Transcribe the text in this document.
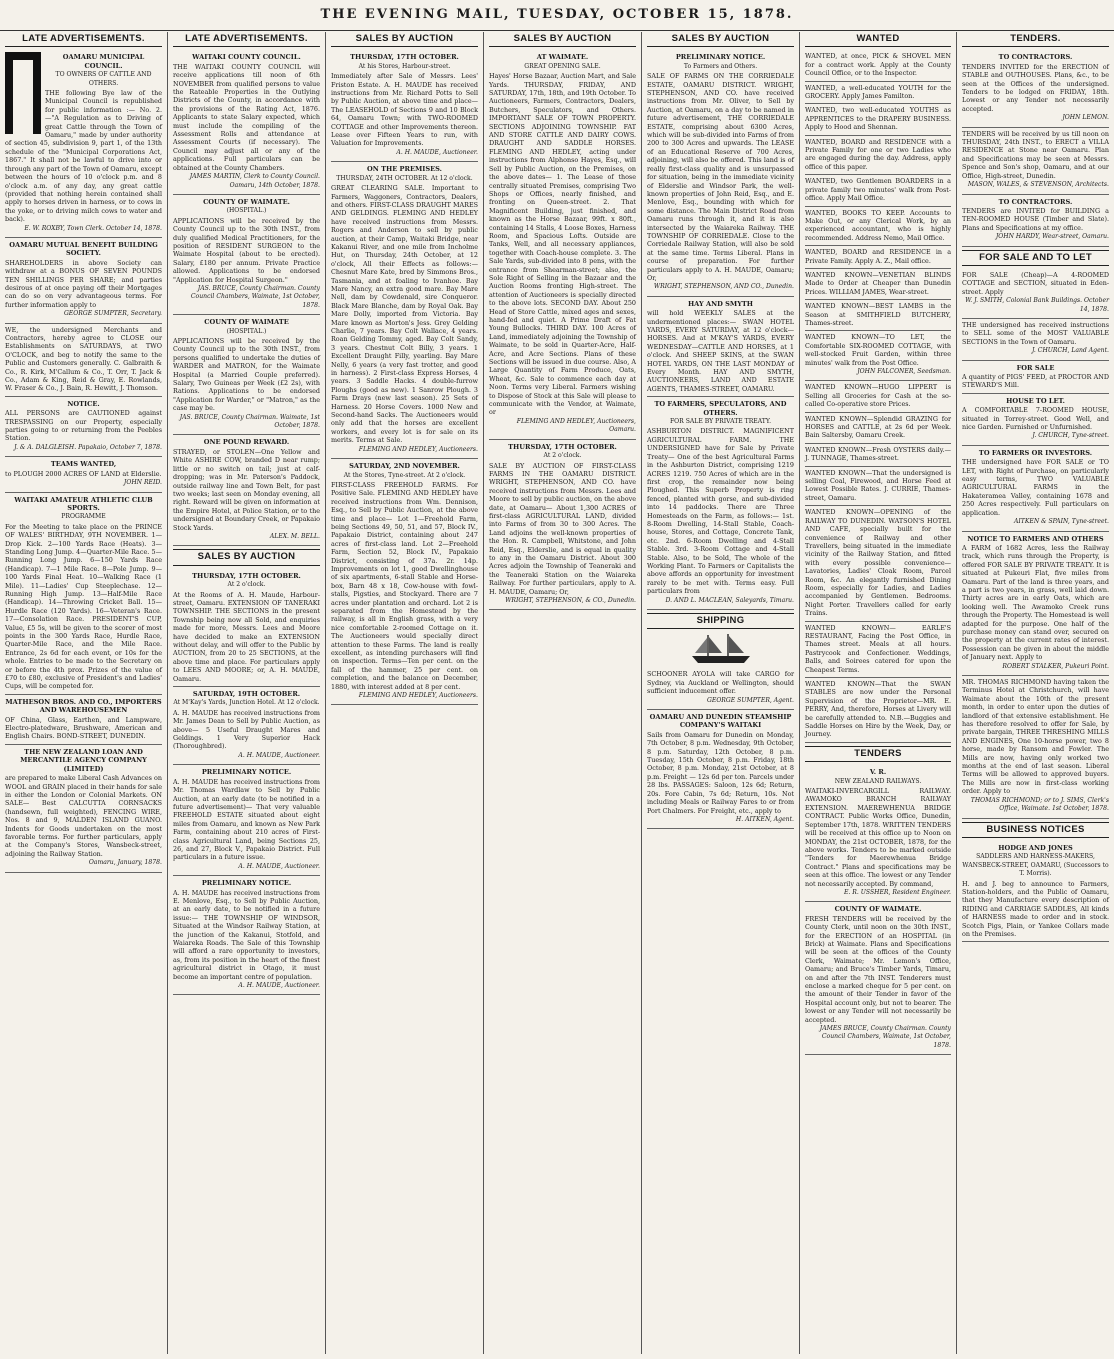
THE EVENING MAIL, TUESDAY, OCTOBER 15, 1878.
LATE ADVERTISEMENTS.
OAMARU MUNICIPAL COUNCIL.
TO OWNERS OF CATTLE AND OTHERS.

THE following Bye law of the Municipal Council is republished for public information :— No. 2.—"A Regulation as to Driving of great Cattle through the Town of Oamaru," made by under authority of section 45, subdivision 9, part 1, of the 13th schedule of the "Municipal Corporations Act, 1867." It shall not be lawful to drive into or through any part of the Town of Oamaru, except between the hours of 10 o'clock p.m. and 8 o'clock a.m. of any day, any great cattle (provided that nothing herein contained shall apply to horses driven in harness, or to cows in the yoke, or to driving milch cows to water and back).

E. W. ROXBY, Town Clerk. October 14, 1878.
OAMARU MUTUAL BENEFIT BUILDING SOCIETY.

SHAREHOLDERS in above Society can withdraw at a BONUS OF SEVEN POUNDS TEN SHILLINGS PER SHARE; and parties desirous of at once paying off their Mortgages can do so on very advantageous terms. For further information apply to

GEORGE SUMPTER, Secretary.

WE, the undersigned Merchants and Contractors, hereby agree to CLOSE our Establishments on SATURDAYS, at TWO O'CLOCK, and beg to notify the same to the Public and Customers generally. C. Galbraith & Co., R. Kirk, M'Callum & Co., T. Orr, T. Jack & Co., Adam & King, Reid & Gray, E. Rowlands, W. Fraser & Co., J. Bain, R. Hewitt, J. Thomson.

NOTICE.

ALL PERSONS are CAUTIONED against TRESPASSING on our Property, especially parties going to or returning from the Peebles Station.

J. & A. DALGLEISH. Papakaio, October 7, 1878.
TEAMS WANTED,

to PLOUGH 2000 ACRES OF LAND at Elderslie.

JOHN REID.
WAITAKI AMATEUR ATHLETIC CLUB SPORTS.
PROGRAMME

For the Meeting to take place on the PRINCE OF WALES' BIRTHDAY, 9TH NOVEMBER. 1—Drop Kick. 2—100 Yards Race (Heats). 3—Standing Long Jump. 4—Quarter-Mile Race. 5—Running Long Jump. 6—150 Yards Race (Handicap). 7—1 Mile Race. 8—Pole Jump. 9—100 Yards Final Heat. 10—Walking Race (1 Mile). 11—Ladies' Cup Steeplechase. 12—Running High Jump. 13—Half-Mile Race (Handicap). 14—Throwing Cricket Ball. 15—Hurdle Race (120 Yards). 16—Veteran's Race. 17—Consolation Race. PRESIDENT'S CUP, Value, £5 5s, will be given to the scorer of most points in the 300 Yards Race, Hurdle Race, Quarter-Mile Race, and the Mile Race. Entrance, 2s 6d for each event, or 10s for the whole. Entries to be made to the Secretary on or before the 4th prox. Prizes of the value of £70 to £80, exclusive of President's and Ladies' Cups, will be competed for.

MATHESON BROS. AND CO., IMPORTERS AND WAREHOUSEMEN

OF China, Glass, Earthen, and Lampware, Electro-platedware, Brushware, American and English Chairs. BOND-STREET, DUNEDIN.

THE NEW ZEALAND LOAN AND MERCANTILE AGENCY COMPANY (LIMITED)

are prepared to make Liberal Cash Advances on WOOL and GRAIN placed in their hands for sale in either the London or Colonial Markets. ON SALE— Best CALCUTTA CORNSACKS (handsewn, full weighted), FENCING WIRE, Nos. 8 and 9, MALDEN ISLAND GUANO. Indents for Goods undertaken on the most favorable terms. For further particulars, apply at the Company's Stores, Wansbeck-street, adjoining the Railway Station.

Oamaru, January, 1878.
LATE ADVERTISEMENTS.
WAITAKI COUNTY COUNCIL.

THE WAITAKI COUNTY COUNCIL will receive applications till noon of 6th NOVEMBER from qualified persons to value the Rateable Properties in the Outlying Districts of the County, in accordance with the provisions of the Rating Act, 1876. Applicants to state Salary expected, which must include the compiling of the Assessment Rolls and attendance at Assessment Courts (if necessary). The Council may adjust all or any of the applications. Full particulars can be obtained at the County Chambers.

JAMES MARTIN, Clerk to County Council. Oamaru, 14th October, 1878.
COUNTY OF WAIMATE.
(HOSPITAL.)

APPLICATIONS will be received by the County Council up to the 30th INST., from duly qualified Medical Practitioners, for the position of RESIDENT SURGEON to the Waimate Hospital (about to be erected). Salary, £180 per annum. Private Practice allowed. Applications to be endorsed "Application for Hospital Surgeon."

JAS. BRUCE, County Chairman. County Council Chambers, Waimate, 1st October, 1878.
COUNTY OF WAIMATE
(HOSPITAL.)

APPLICATIONS will be received by the County Council up to the 30th INST., from persons qualified to undertake the duties of WARDER and MATRON, for the Waimate Hospital (a Married Couple preferred). Salary, Two Guineas per Week (£2 2s), with Rations. Applications to be endorsed "Application for Warder," or "Matron," as the case may be.

JAS. BRUCE, County Chairman. Waimate, 1st October, 1878.
ONE POUND REWARD.

STRAYED, or STOLEN—One Yellow and White ASHIRE COW, branded D near rump; little or no switch on tail; just at calf-dropping; was in Mr. Paterson's Paddock, outside railway line and Town Belt, for past two weeks; last seen on Monday evening, all right. Reward will be given on information at the Empire Hotel, at Police Station, or to the undersigned at Boundary Creek, or Papakaio Stock Yards.

ALEX. M. BELL.
SALES BY AUCTION
THURSDAY, 17TH OCTOBER.
At 2 o'clock.

At the Rooms of A. H. Maude, Harbour-street, Oamaru. EXTENSION OF TANERAKI TOWNSHIP. THE SECTIONS in the present Township being now all Sold, and enquiries made for more, Messrs. Lees and Moore have decided to make an EXTENSION without delay, and will offer to the Public by AUCTION, from 20 to 25 SECTIONS, at the above time and place. For particulars apply to LEES AND MOORE; or, A. H. MAUDE, Oamaru.

SATURDAY, 19TH OCTOBER.
At M'Kay's Yards, Junction Hotel. At 12 o'clock.

A. H. MAUDE has received instructions from Mr. James Dean to Sell by Public Auction, as above— 5 Useful Draught Mares and Geldings. 1 Very Superior Hack (Thoroughbred).

A. H. MAUDE, Auctioneer.
PRELIMINARY NOTICE.

A. H. MAUDE has received instructions from Mr. Thomas Wardlaw to Sell by Public Auction, at an early date (to be notified in a future advertisement)— That very valuable FREEHOLD ESTATE situated about eight miles from Oamaru, and known as New Park Farm, containing about 210 acres of First-class Agricultural Land, being Sections 25, 26, and 27, Block V., Papakaio District. Full particulars in a future issue.

A. H. MAUDE, Auctioneer.
PRELIMINARY NOTICE.

A. H. MAUDE has received instructions from E. Menlove, Esq., to Sell by Public Auction, at an early date, to be notified in a future issue:— THE TOWNSHIP OF WINDSOR, Situated at the Windsor Railway Station, at the junction of the Kakanui, Stotfold, and Waiareka Roads. The Sale of this Township will afford a rare opportunity to investors, as, from its position in the heart of the finest agricultural district in Otago, it must become an important centre of population.

A. H. MAUDE, Auctioneer.
SALES BY AUCTION
THURSDAY, 17TH OCTOBER.
At his Stores, Harbour-street.

Immediately after Sale of Messrs. Lees' Friston Estate. A. H. MAUDE has received instructions from Mr. Richard Potts to Sell by Public Auction, at above time and place— The LEASEHOLD of Sections 9 and 10 Block 64, Oamaru Town; with TWO-ROOMED COTTAGE and other Improvements thereon. Lease over Fifteen Years to run, with Valuation for Improvements.

A. H. MAUDE, Auctioneer.
ON THE PREMISES.
THURSDAY, 24TH OCTOBER. At 12 o'clock.

GREAT CLEARING SALE. Important to Farmers, Waggoners, Contractors, Dealers, and others. FIRST-CLASS DRAUGHT MARES AND GELDINGS. FLEMING AND HEDLEY have received instructions from Messrs. Rogers and Anderson to sell by public auction, at their Camp, Waitaki Bridge, near Kakanui River, and one mile from Incholme Hut, on Thursday, 24th October, at 12 o'clock, All their Effects as follows:— Chesnut Mare Kate, bred by Simmons Bros., Tasmania, and at foaling to Ivanhoe. Bay Mare Nancy, an extra good mare. Bay Mare Nell, dam by Cowdenald, sire Conqueror. Black Mare Blanche, dam by Royal Oak. Bay Mare Dolly, imported from Victoria. Bay Mare known as Morton's Jess. Grey Gelding Charlie, 7 years. Bay Colt Wallace, 4 years. Roan Gelding Tommy, aged. Bay Colt Sandy, 3 years. Chestnut Colt Billy, 3 years. 1 Excellent Draught Filly, yearling. Bay Mare Nelly, 6 years (a very fast trotter, and good in harness). 2 First-class Express Horses, 4 years. 3 Saddle Hacks. 4 double-furrow Ploughs (good as new). 1 Sanrow Plough. 3 Farm Drays (new last season). 25 Sets of Harness. 20 Horse Covers. 1000 New and Second-hand Sacks. The Auctioneers would only add that the horses are excellent workers, and every lot is for sale on its merits. Terms at Sale.

FLEMING AND HEDLEY, Auctioneers.
SATURDAY, 2ND NOVEMBER.
At the Stores, Tyne-street. At 2 o'clock.

FIRST-CLASS FREEHOLD FARMS. For Positive Sale. FLEMING AND HEDLEY have received instructions from Wm. Dennison, Esq., to Sell by Public Auction, at the above time and place— Lot 1—Freehold Farm, being Sections 49, 50, 51, and 57, Block IV., Papakaio District, containing about 247 acres of first-class land. Lot 2—Freehold Farm, Section 52, Block IV., Papakaio District, consisting of 37a. 2r. 14p. Improvements on lot 1, good Dwellinghouse of six apartments, 6-stall Stable and Horse-box, Barn 48 x 18, Cow-house with fowl-stalls, Pigsties, and Stockyard. There are 7 acres under plantation and orchard. Lot 2 is separated from the Homestead by the railway, is all in English grass, with a very nice comfortable 2-roomed Cottage on it. The Auctioneers would specially direct attention to these Farms. The land is really excellent, as intending purchasers will find on inspection. Terms—Ten per cent. on the fall of the hammer, 25 per cent. on completion, and the balance on December, 1880, with interest added at 8 per cent.

FLEMING AND HEDLEY, Auctioneers.
SALES BY AUCTION
AT WAIMATE.
GREAT OPENING SALE.

Hayes' Horse Bazaar, Auction Mart, and Sale Yards. THURSDAY, FRIDAY, AND SATURDAY, 17th, 18th, and 19th October. To Auctioneers, Farmers, Contractors, Dealers, Butchers, Speculators, and Others. IMPORTANT SALE OF TOWN PROPERTY. SECTIONS ADJOINING TOWNSHIP. FAT AND STORE CATTLE AND DAIRY COWS. DRAUGHT AND SADDLE HORSES. FLEMING AND HEDLEY, acting under instructions from Alphonso Hayes, Esq., will Sell by Public Auction, on the Premises, on the above dates— 1. The Lease of those centrally situated Premises, comprising Two Shops or Offices, nearly finished, and fronting on Queen-street. 2. That Magnificent Building, just finished, and known as the Horse Bazaar, 99ft. x 80ft., containing 14 Stalls, 4 Loose Boxes, Harness Room, and Spacious Lofts. Outside are Tanks, Well, and all necessary appliances, together with Coach-house complete. 3. The Sale Yards, sub-divided into 8 pens, with the entrance from Shearman-street; also, the Sole Right of Selling in the Bazaar and the Auction Rooms fronting High-street. The attention of Auctioneers is specially directed to the above lots. SECOND DAY. About 250 Head of Store Cattle, mixed ages and sexes, hand-fed and quiet. A Prime Draft of Fat Young Bullocks. THIRD DAY. 100 Acres of Land, immediately adjoining the Township of Waimate, to be sold in Quarter-Acre, Half-Acre, and Acre Sections. Plans of these Sections will be issued in due course. Also, A Large Quantity of Farm Produce, Oats, Wheat, &c. Sale to commence each day at Noon. Terms very Liberal. Farmers wishing to Dispose of Stock at this Sale will please to communicate with the Vendor, at Waimate, or

FLEMING AND HEDLEY, Auctioneers, Oamaru.
THURSDAY, 17TH OCTOBER.
At 2 o'clock.

SALE BY AUCTION OF FIRST-CLASS FARMS IN THE OAMARU DISTRICT. WRIGHT, STEPHENSON, AND CO. have received instructions from Messrs. Lees and Moore to sell by public auction, on the above date, at Oamaru— About 1,300 ACRES of first-class AGRICULTURAL LAND, divided into Farms of from 30 to 300 Acres. The Land adjoins the well-known properties of the Hon. R. Campbell, Whitstone, and John Reid, Esq., Elderslie, and is equal in quality to any in the Oamaru District. About 300 Acres adjoin the Township of Teaneraki and the Teaneraki Station on the Waiareka Railway. For further particulars, apply to A. H. MAUDE, Oamaru; Or,

WRIGHT, STEPHENSON, & CO., Dunedin.
SALES BY AUCTION
PRELIMINARY NOTICE.
To Farmers and Others.

SALE OF FARMS ON THE CORRIEDALE ESTATE, OAMARU DISTRICT. WRIGHT, STEPHENSON, AND CO. have received instructions from Mr. Oliver, to Sell by Auction, at Oamaru, on a day to be named in future advertisement, THE CORRIEDALE ESTATE, comprising about 6300 Acres, which will be sub-divided into Farms of from 200 to 300 Acres and upwards. The LEASE of an Educational Reserve of 700 Acres, adjoining, will also be offered. This land is of really first-class quality and is unsurpassed for situation, being in the immediate vicinity of Elderslie and Windsor Park, the well-known properties of John Reid, Esq., and E. Menlove, Esq., bounding with which for some distance. The Main District Road from Oamaru runs through it, and it is also intersected by the Waiareka Railway. THE TOWNSHIP OF CORRIEDALE. Close to the Corriedale Railway Station, will also be sold at the same time. Terms Liberal. Plans in course of preparation. For further particulars apply to A. H. MAUDE, Oamaru; Or,

WRIGHT, STEPHENSON, AND CO., Dunedin.
HAY AND SMYTH

will hold WEEKLY SALES at the undermentioned places:— SWAN HOTEL YARDS, EVERY SATURDAY, at 12 o'clock— HORSES. And at M'KAY'S YARDS, EVERY WEDNESDAY—CATTLE AND HORSES, at 1 o'clock. And SHEEP SKINS, at the SWAN HOTEL YARDS, ON THE LAST MONDAY of Every Month. HAY AND SMYTH, AUCTIONEERS, LAND AND ESTATE AGENTS, THAMES-STREET, OAMARU.

TO FARMERS, SPECULATORS, AND OTHERS.
FOR SALE BY PRIVATE TREATY.

ASHBURTON DISTRICT. MAGNIFICENT AGRICULTURAL FARM. THE UNDERSIGNED have for Sale by Private Treaty— One of the best Agricultural Farms in the Ashburton District, comprising 1219 ACRES 1219. 750 Acres of which are in the first crop, the remainder now being Ploughed. This Superb Property is ring fenced, planted with gorse, and sub-divided into 14 paddocks. There are Three Homesteads on the Farm, as follows:— 1st. 8-Room Dwelling, 14-Stall Stable, Coach-house, Stores, and Cottage, Concrete Tank, etc. 2nd. 6-Room Dwelling and 4-Stall Stable. 3rd. 3-Room Cottage and 4-Stall Stable. Also, to be Sold, The whole of the Working Plant. To Farmers or Capitalists the above affords an opportunity for investment rarely to be met with. Terms easy. Full particulars from

D. AND L. MACLEAN, Saleyards, Timaru.
SHIPPING

SCHOONER AYOLA will take CARGO for Sydney, via Auckland or Wellington, should sufficient inducement offer.

GEORGE SUMPTER, Agent.
OAMARU AND DUNEDIN STEAMSHIP COMPANY'S WAITAKI

Sails from Oamaru for Dunedin on Monday, 7th October, 8 p.m. Wednesday, 9th October, 8 p.m. Saturday, 12th October, 8 p.m. Tuesday, 15th October, 8 p.m. Friday, 18th October, 8 p.m. Monday, 21st October, at 8 p.m. Freight — 12s 6d per ton. Parcels under 28 lbs. PASSAGES: Saloon, 12s 6d; Return, 20s. Fore Cabin, 7s 6d; Return, 10s. Not including Meals or Railway Fares to or from Port Chalmers. For Freight, etc., apply to

H. AITKEN, Agent.
WANTED

WANTED, at once, PICK & SHOVEL MEN for a contract work. Apply at the County Council Office, or to the Inspector.

WANTED, a well-educated YOUTH for the GROCERY. Apply James Familton.

WANTED, two well-educated YOUTHS as APPRENTICES to the DRAPERY BUSINESS. Apply to Hood and Shennan.

WANTED, BOARD and RESIDENCE with a Private Family for one or two Ladies who are engaged during the day. Address, apply office of this paper.

WANTED, two Gentlemen BOARDERS in a private family two minutes' walk from Post-office. Apply Mail Office.

WANTED, BOOKS TO KEEP. Accounts to Make Out, or any Clerical Work, by an experienced accountant, who is highly recommended. Address Nemo, Mail Office.

WANTED, BOARD and RESIDENCE in a Private Family. Apply A. Z., Mail office.

WANTED KNOWN—VENETIAN BLINDS Made to Order at Cheaper than Dunedin Prices. WILLIAM JAMES, Wear-street.

WANTED KNOWN—BEST LAMBS in the Season at SMITHFIELD BUTCHERY, Thames-street.

WANTED KNOWN—TO LET, the Comfortable SIX-ROOMED COTTAGE, with well-stocked Fruit Garden, within three minutes' walk from the Post Office.

JOHN FALCONER, Seedsman.

WANTED KNOWN—HUGO LIPPERT is Selling all Groceries for Cash at the so-called Co-operative store Prices.

WANTED KNOWN—Splendid GRAZING for HORSES and CATTLE, at 2s 6d per Week. Bain Saltersby, Oamaru Creek.

WANTED KNOWN—Fresh OYSTERS daily.—J. TUNNAGE, Thames-street.

WANTED KNOWN—That the undersigned is selling Coal, Firewood, and Horse Feed at Lowest Possible Rates. J. CURRIE, Thames-street, Oamaru.

WANTED KNOWN—OPENING of the RAILWAY TO DUNEDIN. WATSON'S HOTEL AND CAFE, specially built for the convenience of Railway and other Travellers, being situated in the immediate vicinity of the Railway Station, and fitted with every possible convenience—Lavatories, Ladies' Cloak Room, Parcel Room, &c. An elegantly furnished Dining Room, especially for Ladies, and Ladies accompanied by Gentlemen. Bedrooms. Night Porter. Travellers called for early Trains.

WANTED KNOWN— EARLE'S RESTAURANT, Facing the Post Office, in Thames street. Meals at all hours. Pastrycook and Confectioner. Weddings, Balls, and Soirees catered for upon the Cheapest Terms.

WANTED KNOWN—That the SWAN STABLES are now under the Personal Supervision of the Proprietor—MR. E. PERRY, And, therefore, Horses at Livery will be carefully attended to. N.B.—Buggies and Saddle Horses on Hire by the Week, Day, or Journey.

TENDERS
V. R.
NEW ZEALAND RAILWAYS.

WAITAKI-INVERCARGILL RAILWAY. AWAMOKO BRANCH RAILWAY EXTENSION. MAEREWHENUA BRIDGE CONTRACT. Public Works Office, Dunedin, September 17th, 1878. WRITTEN TENDERS will be received at this office up to Noon on MONDAY, the 21st OCTOBER, 1878, for the above works. Tenders to be marked outside "Tenders for Maerewhenua Bridge Contract." Plans and specifications may be seen at this office. The lowest or any Tender not necessarily accepted. By command,

E. R. USSHER, Resident Engineer.
COUNTY OF WAIMATE.

FRESH TENDERS will be received by the County Clerk, until noon on the 30th INST., for the ERECTION of an HOSPITAL (in Brick) at Waimate. Plans and Specifications will be seen at the offices of the County Clerk, Waimate; Mr. Lemon's Office, Oamaru; and Bruce's Timber Yards, Timaru, on and after the 7th INST. Tenderers must enclose a marked cheque for 5 per cent. on the amount of their Tender in favor of the Hospital account only, but not to bearer. The lowest or any Tender will not necessarily be accepted.

JAMES BRUCE, County Chairman. County Council Chambers, Waimate, 1st October, 1878.
TENDERS.
TO CONTRACTORS.

TENDERS INVITED for the ERECTION of STABLE and OUTHOUSES. Plans, &c., to be seen at the Offices of the undersigned. Tenders to be lodged on FRIDAY, 18th. Lowest or any Tender not necessarily accepted.

JOHN LEMON.

TENDERS will be received by us till noon on THURSDAY, 24th INST., to ERECT a VILLA RESIDENCE at Stone near Oamaru. Plan and Specifications may be seen at Messrs. Spence and Son's shop, Oamaru, and at our Office, High-street, Dunedin.

MASON, WALES, & STEVENSON, Architects.
TO CONTRACTORS.

TENDERS are INVITED for BUILDING a TEN-ROOMED HOUSE (Timber and Slate). Plans and Specifications at my office.

JOHN HARDY, Wear-street, Oamaru.
FOR SALE AND TO LET

FOR SALE (Cheap)—A 4-ROOMED COTTAGE and SECTION, situated in Eden-street. Apply

W. J. SMITH, Colonial Bank Buildings. October 14, 1878.

THE undersigned has received instructions to SELL some of the MOST VALUABLE SECTIONS in the Town of Oamaru.

J. CHURCH, Land Agent.
FOR SALE

A quantity of PIGS' FEED, at PROCTOR AND STEWARD'S Mill.

HOUSE TO LET.

A COMFORTABLE 7-ROOMED HOUSE, situated in Torrey-street. Good Well, and nice Garden. Furnished or Unfurnished.

J. CHURCH, Tyne-street.
TO FARMERS OR INVESTORS.

THE undersigned have FOR SALE or TO LET, with Right of Purchase, on particularly easy terms, TWO VALUABLE AGRICULTURAL FARMS in the Hakateramea Valley, containing 1678 and 250 Acres respectively. Full particulars on application.

AITKEN & SPAIN, Tyne-street.
NOTICE TO FARMERS AND OTHERS

A FARM of 1682 Acres, less the Railway track, which runs through the Property, is offered FOR SALE BY PRIVATE TREATY. It is situated at Pukeuri Flat, five miles from Oamaru. Part of the land is three years, and a part is two years, in grass, well laid down. Thirty acres are in early Oats, which are looking well. The Awamoko Creek runs through the Property. The Homestead is well adapted for the purpose. One half of the purchase money can stand over, secured on the property at the current rates of interest. Possession can be given in about the middle of January next. Apply to

ROBERT STALKER, Pukeuri Point.

MR. THOMAS RICHMOND having taken the Terminus Hotel at Christchurch, will have Waimate about the 10th of the present month, in order to enter upon the duties of landlord of that extensive establishment. He has therefore resolved to offer for Sale, by private bargain, THREE THRESHING MILLS AND ENGINES, One 10-horse power, two 8 horse, made by Ransom and Fowler. The Mills are now, having only worked two months at the end of last season. Liberal Terms will be allowed to approved buyers. The Mills are now in first-class working order. Apply to

THOMAS RICHMOND; or to J. SIMS, Clerk's Office, Waimate. 1st October, 1878.
BUSINESS NOTICES
HODGE AND JONES
SADDLERS AND HARNESS-MAKERS, WANSBECK-STREET, OAMARU, (Successors to T. Morris).

H. and J. beg to announce to Farmers, Station-holders, and the Public of Oamaru, that they Manufacture every description of RIDING and CARRIAGE SADDLES, All kinds of HARNESS made to order and in stock. Scotch Pigs, Plain, or Yankee Collars made on the Premises.
